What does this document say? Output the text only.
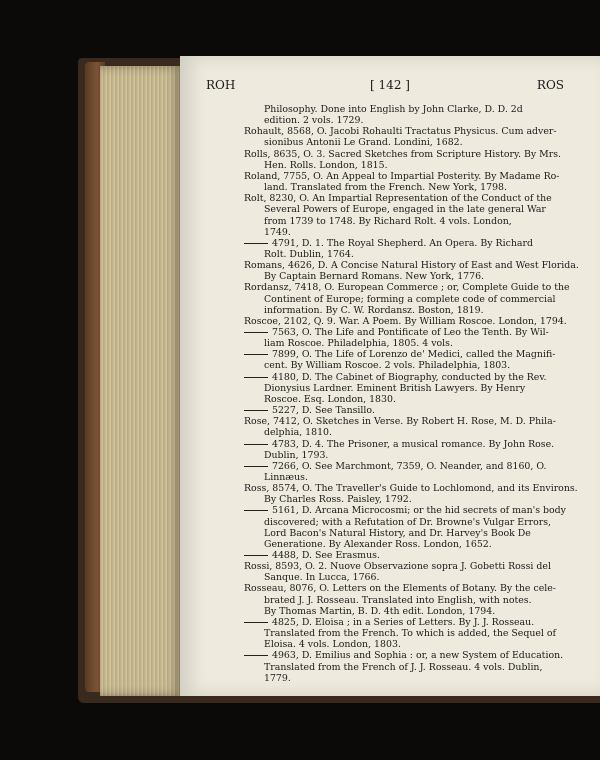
ROH	[ 142 ]	ROS
Philosophy. Done into English by John Clarke, D. D. 2d
edition. 2 vols. 1729.
Rohault, 8568, O. Jacobi Rohaulti Tractatus Physicus. Cum adver-
sionibus Antonii Le Grand. Londini, 1682.
Rolls, 8635, O. 3. Sacred Sketches from Scripture History. By Mrs.
Hen. Rolls. London, 1815.
Roland, 7755, O. An Appeal to Impartial Posterity. By Madame Ro-
land. Translated from the French. New York, 1798.
Rolt, 8230, O. An Impartial Representation of the Conduct of the
Several Powers of Europe, engaged in the late general War
from 1739 to 1748. By Richard Rolt. 4 vols. London,
1749.
4791, D. 1. The Royal Shepherd. An Opera. By Richard
Rolt. Dublin, 1764.
Romans, 4626, D. A Concise Natural History of East and West Florida.
By Captain Bernard Romans. New York, 1776.
Rordansz, 7418, O. European Commerce ; or, Complete Guide to the
Continent of Europe; forming a complete code of commercial
information. By C. W. Rordansz. Boston, 1819.
Roscoe, 2102, Q. 9. War. A Poem. By William Roscoe. London, 1794.
7563, O. The Life and Pontificate of Leo the Tenth. By Wil-
liam Roscoe. Philadelphia, 1805. 4 vols.
7899, O. The Life of Lorenzo de' Medici, called the Magnifi-
cent. By William Roscoe. 2 vols. Philadelphia, 1803.
4180, D. The Cabinet of Biography, conducted by the Rev.
Dionysius Lardner. Eminent British Lawyers. By Henry
Roscoe. Esq. London, 1830.
5227, D. See Tansillo.
Rose, 7412, O. Sketches in Verse. By Robert H. Rose, M. D. Phila-
delphia, 1810.
4783, D. 4. The Prisoner, a musical romance. By John Rose.
Dublin, 1793.
7266, O. See Marchmont, 7359, O. Neander, and 8160, O.
Linnæus.
Ross, 8574, O. The Traveller's Guide to Lochlomond, and its Environs.
By Charles Ross. Paisley, 1792.
5161, D. Arcana Microcosmi; or the hid secrets of man's body
discovered; with a Refutation of Dr. Browne's Vulgar Errors,
Lord Bacon's Natural History, and Dr. Harvey's Book De
Generatione. By Alexander Ross. London, 1652.
4488, D. See Erasmus.
Rossi, 8593, O. 2. Nuove Observazione sopra J. Gobetti Rossi del
Sanque. In Lucca, 1766.
Rosseau, 8076, O. Letters on the Elements of Botany. By the cele-
brated J. J. Rosseau. Translated into English, with notes.
By Thomas Martin, B. D. 4th edit. London, 1794.
4825, D. Eloisa ; in a Series of Letters. By J. J. Rosseau.
Translated from the French. To which is added, the Sequel of
Eloisa. 4 vols. London, 1803.
4963, D. Emilius and Sophia : or, a new System of Education.
Translated from the French of J. J. Rosseau. 4 vols. Dublin,
1779.
